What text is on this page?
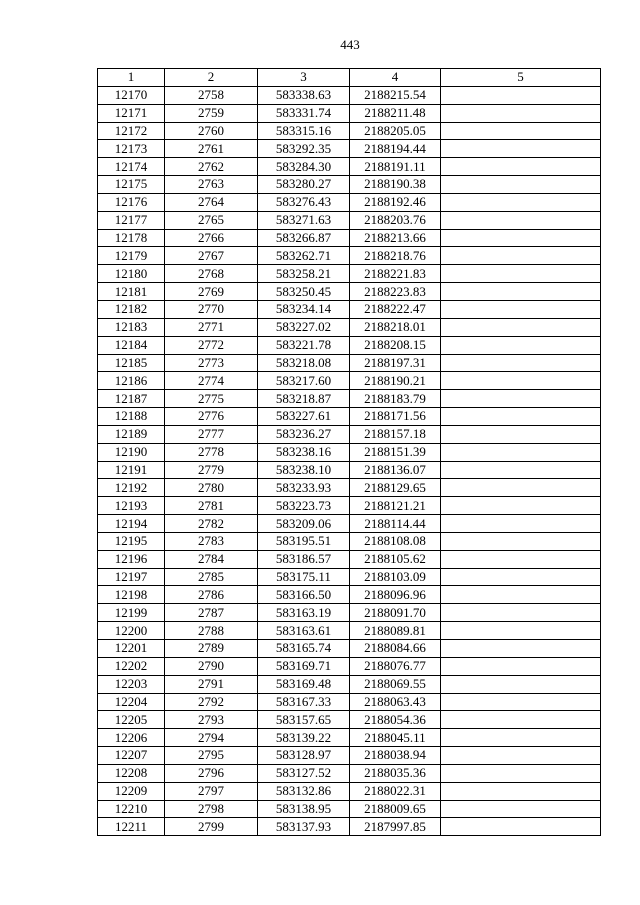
443
1	2	3	4	5
12170	2758	583338.63	2188215.54	
12171	2759	583331.74	2188211.48	
12172	2760	583315.16	2188205.05	
12173	2761	583292.35	2188194.44	
12174	2762	583284.30	2188191.11	
12175	2763	583280.27	2188190.38	
12176	2764	583276.43	2188192.46	
12177	2765	583271.63	2188203.76	
12178	2766	583266.87	2188213.66	
12179	2767	583262.71	2188218.76	
12180	2768	583258.21	2188221.83	
12181	2769	583250.45	2188223.83	
12182	2770	583234.14	2188222.47	
12183	2771	583227.02	2188218.01	
12184	2772	583221.78	2188208.15	
12185	2773	583218.08	2188197.31	
12186	2774	583217.60	2188190.21	
12187	2775	583218.87	2188183.79	
12188	2776	583227.61	2188171.56	
12189	2777	583236.27	2188157.18	
12190	2778	583238.16	2188151.39	
12191	2779	583238.10	2188136.07	
12192	2780	583233.93	2188129.65	
12193	2781	583223.73	2188121.21	
12194	2782	583209.06	2188114.44	
12195	2783	583195.51	2188108.08	
12196	2784	583186.57	2188105.62	
12197	2785	583175.11	2188103.09	
12198	2786	583166.50	2188096.96	
12199	2787	583163.19	2188091.70	
12200	2788	583163.61	2188089.81	
12201	2789	583165.74	2188084.66	
12202	2790	583169.71	2188076.77	
12203	2791	583169.48	2188069.55	
12204	2792	583167.33	2188063.43	
12205	2793	583157.65	2188054.36	
12206	2794	583139.22	2188045.11	
12207	2795	583128.97	2188038.94	
12208	2796	583127.52	2188035.36	
12209	2797	583132.86	2188022.31	
12210	2798	583138.95	2188009.65	
12211	2799	583137.93	2187997.85	
